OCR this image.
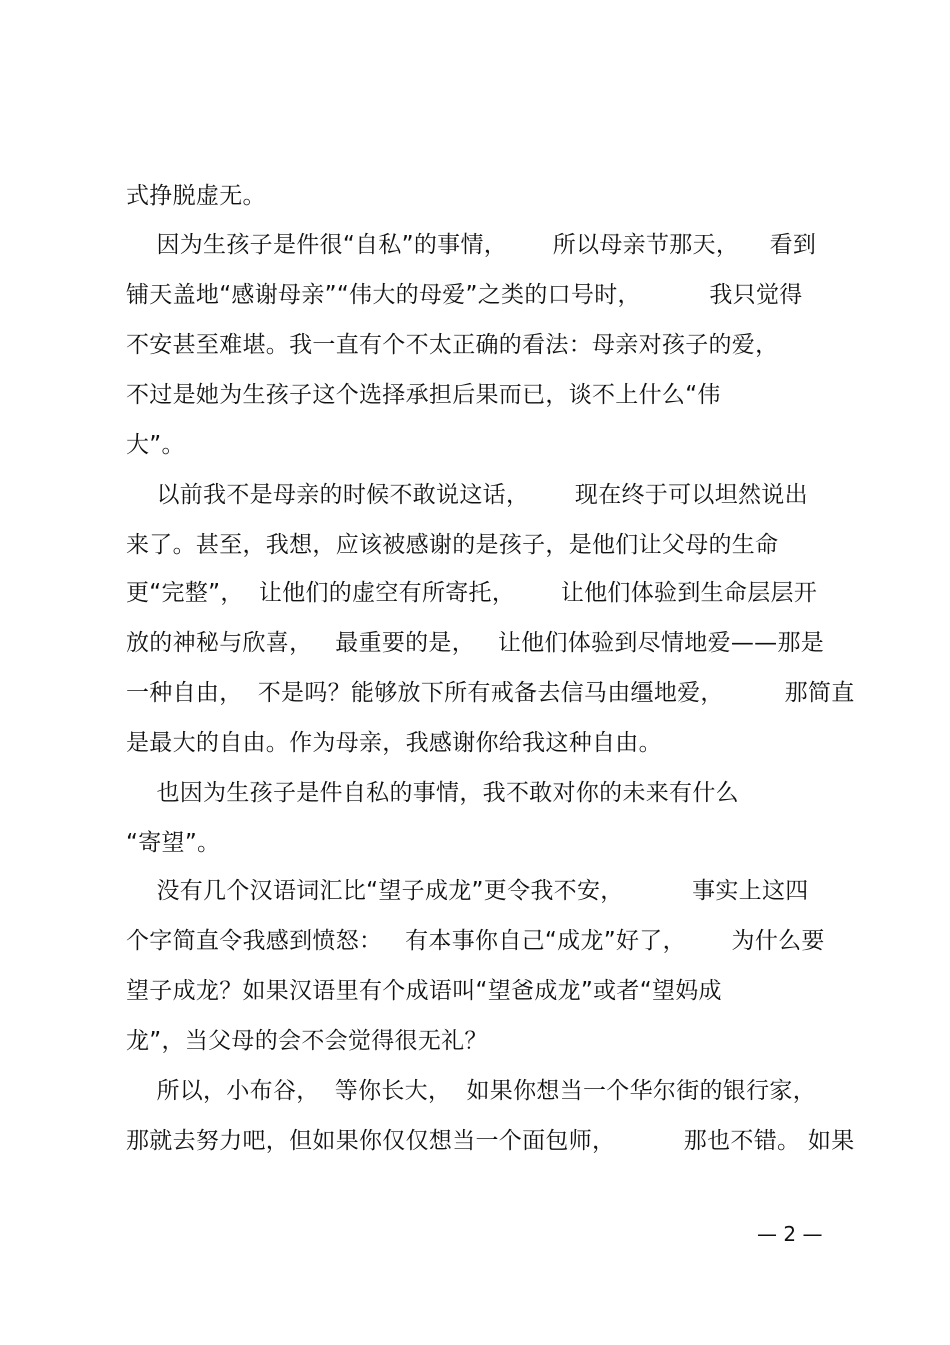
式挣脱虚无。
因为生孩子是件很“自私”的事情，      所以母亲节那天，    看到
铺天盖地“感谢母亲”“伟大的母爱”之类的口号时，         我只觉得
不安甚至难堪。我一直有个不太正确的看法：母亲对孩子的爱，
不过是她为生孩子这个选择承担后果而已，谈不上什么“伟
大”。
以前我不是母亲的时候不敢说这话，      现在终于可以坦然说出
来了。甚至，我想，应该被感谢的是孩子，是他们让父母的生命
更“完整”，  让他们的虚空有所寄托，      让他们体验到生命层层开
放的神秘与欣喜，   最重要的是，   让他们体验到尽情地爱——那是
一种自由，  不是吗？能够放下所有戒备去信马由缰地爱，        那简直
是最大的自由。作为母亲，我感谢你给我这种自由。
也因为生孩子是件自私的事情，我不敢对你的未来有什么
“寄望”。
没有几个汉语词汇比“望子成龙”更令我不安，         事实上这四
个字简直令我感到愤怒：   有本事你自己“成龙”好了，      为什么要
望子成龙？如果汉语里有个成语叫“望爸成龙”或者“望妈成
龙”，当父母的会不会觉得很无礼？
所以，小布谷，  等你长大，  如果你想当一个华尔街的银行家，
那就去努力吧，但如果你仅仅想当一个面包师，         那也不错。 如果
— 2 —
